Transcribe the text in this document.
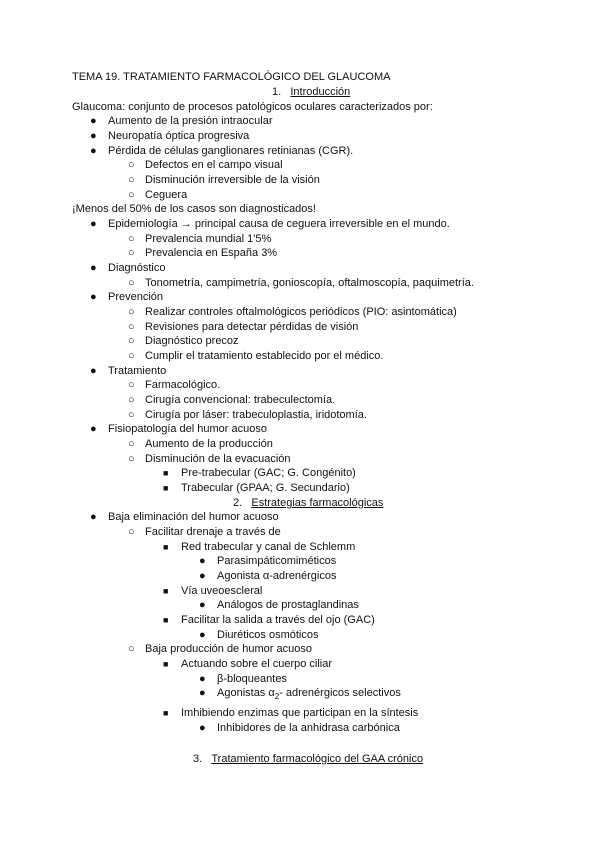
TEMA 19. TRATAMIENTO FARMACOLÓGICO DEL GLAUCOMA
1. Introducción
Glaucoma: conjunto de procesos patológicos oculares caracterizados por:
● Aumento de la presión intraocular
● Neuropatía óptica progresiva
● Pérdida de células ganglionares retinianas (CGR).
○ Defectos en el campo visual
○ Disminución irreversible de la visión
○ Ceguera
¡Menos del 50% de los casos son diagnosticados!
● Epidemiología → principal causa de ceguera irreversible en el mundo.
○ Prevalencia mundial 1'5%
○ Prevalencia en España 3%
● Diagnóstico
○ Tonometría, campimetría, gonioscopía, oftalmoscopía, paquimetría.
● Prevención
○ Realizar controles oftalmológicos periódicos (PIO: asintomática)
○ Revisiones para detectar pérdidas de visión
○ Diagnóstico precoz
○ Cumplir el tratamiento establecido por el médico.
● Tratamiento
○ Farmacológico.
○ Cirugía convencional: trabeculectomía.
○ Cirugía por láser: trabeculoplastia, iridotomía.
● Fisiopatología del humor acuoso
○ Aumento de la producción
○ Disminución de la evacuación
■ Pre-trabecular (GAC; G. Congénito)
■ Trabecular (GPAA; G. Secundario)
2. Estrategias farmacológicas
● Baja eliminación del humor acuoso
○ Facilitar drenaje a través de
■ Red trabecular y canal de Schlemm
● Parasimpáticomiméticos
● Agonista α-adrenérgicos
■ Vía uveoescleral
● Análogos de prostaglandinas
■ Facilitar la salida a través del ojo (GAC)
● Diuréticos osmóticos
○ Baja producción de humor acuoso
■ Actuando sobre el cuerpo ciliar
● β-bloqueantes
● Agonistas $\alpha_2-$ adrenérgicos selectivos
■ Imhibiendo enzimas que participan en la síntesis
● Inhibidores de la anhidrasa carbónica
3. Tratamiento farmacológico del GAA crónico
